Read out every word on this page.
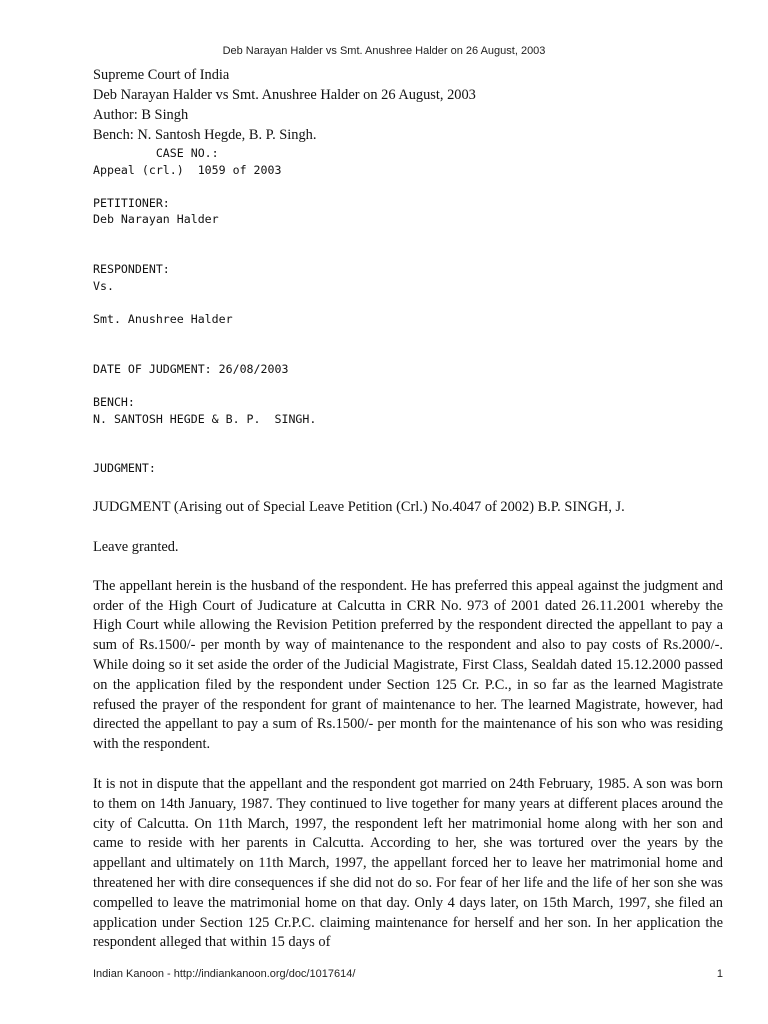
Deb Narayan Halder vs Smt. Anushree Halder on 26 August, 2003

Supreme Court of India

Deb Narayan Halder vs Smt. Anushree Halder on 26 August, 2003

Author: B Singh

Bench: N. Santosh Hegde, B. P. Singh.

CASE NO.:
Appeal (crl.)  1059 of 2003

PETITIONER:
Deb Narayan Halder

RESPONDENT:
Vs.

Smt. Anushree Halder

DATE OF JUDGMENT: 26/08/2003

BENCH:
N. SANTOSH HEGDE & B. P.  SINGH.

JUDGMENT:

JUDGMENT (Arising out of Special Leave Petition (Crl.) No.4047 of 2002) B.P. SINGH, J.

Leave granted.

The appellant herein is the husband of the respondent. He has preferred this appeal against the judgment and order of the High Court of Judicature at Calcutta in CRR No. 973 of 2001 dated 26.11.2001 whereby the High Court while allowing the Revision Petition preferred by the respondent directed the appellant to pay a sum of Rs.1500/- per month by way of maintenance to the respondent and also to pay costs of Rs.2000/-. While doing so it set aside the order of the Judicial Magistrate, First Class, Sealdah dated 15.12.2000 passed on the application filed by the respondent under Section 125 Cr. P.C., in so far as the learned Magistrate refused the prayer of the respondent for grant of maintenance to her. The learned Magistrate, however, had directed the appellant to pay a sum of Rs.1500/- per month for the maintenance of his son who was residing with the respondent.

It is not in dispute that the appellant and the respondent got married on 24th February, 1985. A son was born to them on 14th January, 1987. They continued to live together for many years at different places around the city of Calcutta. On 11th March, 1997, the respondent left her matrimonial home along with her son and came to reside with her parents in Calcutta. According to her, she was tortured over the years by the appellant and ultimately on 11th March, 1997, the appellant forced her to leave her matrimonial home and threatened her with dire consequences if she did not do so. For fear of her life and the life of her son she was compelled to leave the matrimonial home on that day. Only 4 days later, on 15th March, 1997, she filed an application under Section 125 Cr.P.C. claiming maintenance for herself and her son. In her application the respondent alleged that within 15 days of

Indian Kanoon - http://indiankanoon.org/doc/1017614/	1
